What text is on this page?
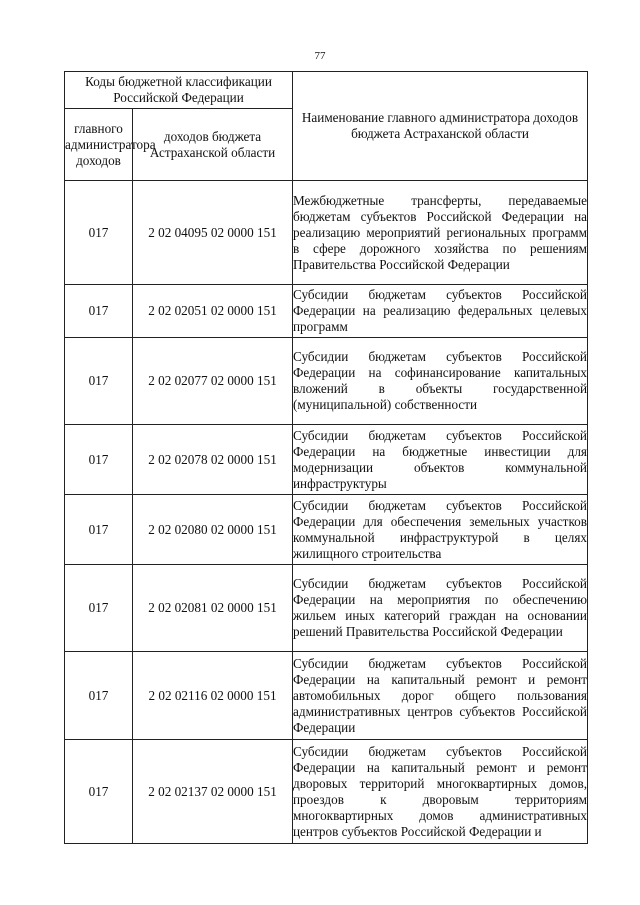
77
Коды бюджетной классификации Российской Федерации		Наименование главного администратора доходов бюджета Астраханской области
главного администратора доходов	доходов бюджета Астраханской области	
017	2 02 04095 02 0000 151	Межбюджетные трансферты, передаваемые бюджетам субъектов Российской Федерации на реализацию мероприятий региональных программ в сфере дорожного хозяйства по решениям Правительства Российской Федерации

017	2 02 02051 02 0000 151	Субсидии бюджетам субъектов Российской Федерации на реализацию федеральных целевых программ

017	2 02 02077 02 0000 151	Субсидии бюджетам субъектов Российской Федерации на софинансирование капитальных вложений в объекты государственной (муниципальной) собственности

017	2 02 02078 02 0000 151	Субсидии бюджетам субъектов Российской Федерации на бюджетные инвестиции для модернизации объектов коммунальной инфраструктуры

017	2 02 02080 02 0000 151	Субсидии бюджетам субъектов Российской Федерации для обеспечения земельных участков коммунальной инфраструктурой в целях жилищного строительства

017	2 02 02081 02 0000 151	Субсидии бюджетам субъектов Российской Федерации на мероприятия по обеспечению жильем иных категорий граждан на основании решений Правительства Российской Федерации

017	2 02 02116 02 0000 151	Субсидии бюджетам субъектов Российской Федерации на капитальный ремонт и ремонт автомобильных дорог общего пользования административных центров субъектов Российской Федерации

017	2 02 02137 02 0000 151	Субсидии бюджетам субъектов Российской Федерации на капитальный ремонт и ремонт дворовых территорий многоквартирных домов, проездов к дворовым территориям многоквартирных домов административных центров субъектов Российской Федерации и
